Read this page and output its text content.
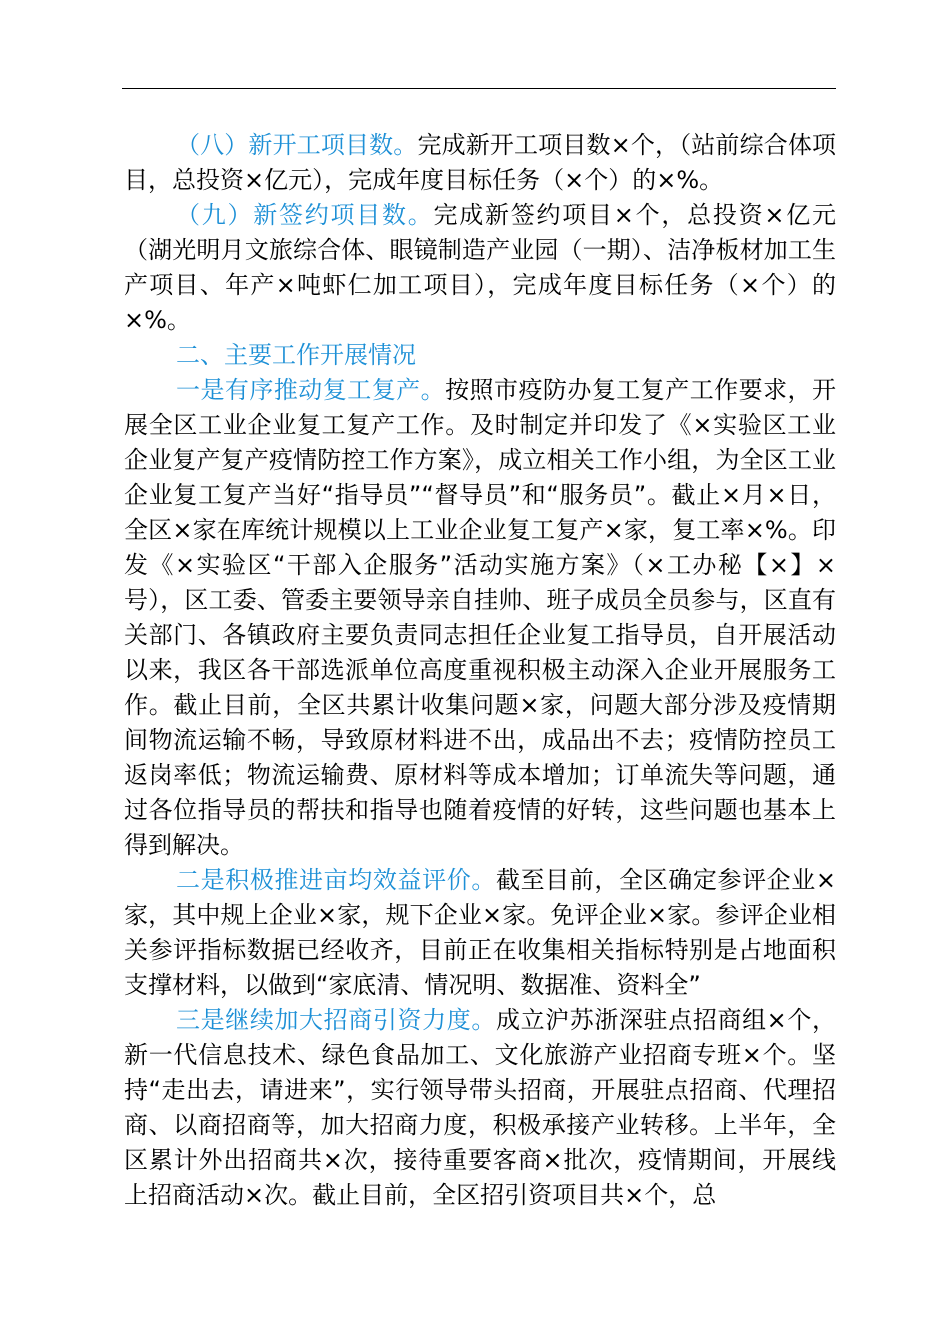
（八）新开工项目数。完成新开工项目数×个，（站前综合体项目，总投资×亿元），完成年度目标任务（×个）的×%。

（九）新签约项目数。完成新签约项目×个，总投资×亿元（湖光明月文旅综合体、眼镜制造产业园（一期）、洁净板材加工生产项目、年产×吨虾仁加工项目），完成年度目标任务（×个）的×%。

二、主要工作开展情况

一是有序推动复工复产。按照市疫防办复工复产工作要求，开展全区工业企业复工复产工作。及时制定并印发了《×实验区工业企业复产复产疫情防控工作方案》，成立相关工作小组，为全区工业企业复工复产当好“指导员”“督导员”和“服务员”。截止×月×日，全区×家在库统计规模以上工业企业复工复产×家，复工率×%。印发《×实验区“干部入企服务”活动实施方案》（×工办秘【×】×号），区工委、管委主要领导亲自挂帅、班子成员全员参与，区直有关部门、各镇政府主要负责同志担任企业复工指导员，自开展活动以来，我区各干部选派单位高度重视积极主动深入企业开展服务工作。截止目前，全区共累计收集问题×家，问题大部分涉及疫情期间物流运输不畅，导致原材料进不出，成品出不去；疫情防控员工返岗率低；物流运输费、原材料等成本增加；订单流失等问题，通过各位指导员的帮扶和指导也随着疫情的好转，这些问题也基本上得到解决。

二是积极推进亩均效益评价。截至目前，全区确定参评企业×家，其中规上企业×家，规下企业×家。免评企业×家。参评企业相关参评指标数据已经收齐，目前正在收集相关指标特别是占地面积支撑材料，以做到“家底清、情况明、数据准、资料全”

三是继续加大招商引资力度。成立沪苏浙深驻点招商组×个，新一代信息技术、绿色食品加工、文化旅游产业招商专班×个。坚持“走出去，请进来”，实行领导带头招商，开展驻点招商、代理招商、以商招商等，加大招商力度，积极承接产业转移。上半年，全区累计外出招商共×次，接待重要客商×批次，疫情期间，开展线上招商活动×次。截止目前，全区招引资项目共×个，总
